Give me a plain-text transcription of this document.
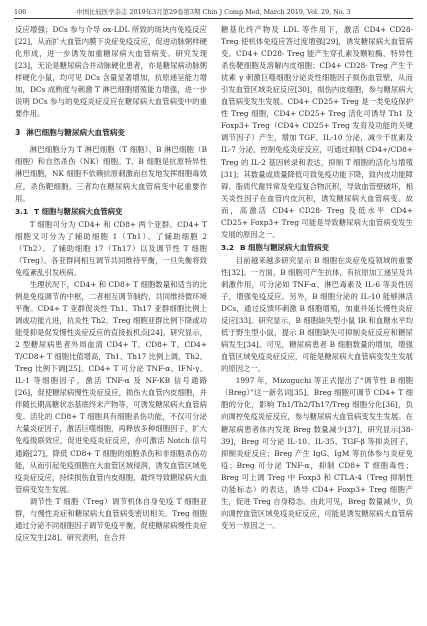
106	中国比较医学杂志 2019年3月第29卷第3期 Chin J Comp Med, March 2019, Vol. 29, No. 3

反应增强；DCs 参与介导 ox-LDL 所致的斑块内免疫反应[22]，从而扩大血管内膜下炎症免疫反应，促进动脉粥样硬化形成，进一步诱发加重糖尿病大血管病变。研究发现[23]，无论是糖尿病合并动脉硬化患者，亦是糖尿病动脉粥样硬化小鼠，均可见 DCs 含量显著增加，抗原递呈能力增加，DCs 成熟度与刺激 T 淋巴细胞增殖能力增强，进一步说明 DCs 参与的免疫炎症反应在糖尿病大血管病变中的重要作用。

3 淋巴细胞与糖尿病大血管病变

淋巴细胞分为 T 淋巴细胞（T 细胞）、B 淋巴细胞（B 细胞）和自然杀伤（NK）细胞。T、B 细胞是抗原特异性淋巴细胞，NK 细胞不依赖抗原刺激而自发地发挥细胞毒效应，杀伤靶细胞。三者均在糖尿病大血管病变中起重要作用。

3.1 T 细胞与糖尿病大血管病变

T 细胞可分为 CD4+ 和 CD8+ 两个亚群。CD4+ T 细胞又可分为了辅助细胞 1（Th1）、了辅助细胞 2（Th2）、了辅助细胞 17（Th17）以及调节性 T 细胞（Treg）。各亚群间相互调节共同维持平衡，一旦失衡将致免疫紊乱引发疾病。

生理状况下，CD4+ 和 CD8+ T 细胞数量和适当的比例是免疫调节的中枢，二者相互调节制约，共同维持微环境平衡。CD4+ T 亚群促炎性 Th1、Th17 亚群细胞比例上调或功能亢进，抗炎性 Th2、Treg 细胞亚群比例下降或功能受抑是促发慢性炎症反应的直接扳机点[24]。研究显示，2 型糖尿病患者外周血清 CD4+ T、CD8+ T、CD4+ T/CD8+ T 细胞比值增高，Th1、Th17 比例上调，Th2、Treg 比例下调[25]。CD4+ T 可分泌 TNF-α、IFN-γ、IL-1 等细胞因子，激活 TNF-α 及 NF-KB 信号通路[26]，促使糖尿病慢性炎症反应，损伤大血管内皮细胞，并伴随长期高糖状态基底终末产物等，可诱发糖尿病大血管病变。活化的 CD8+ T 细胞具有细胞杀伤功能，不仅可分泌大量炎症因子，激活巨噬细胞，再释放多种细胞因子，扩大免疫级联效应，促进免疫炎症反应，亦可激活 Notch 信号通路[27]，降低 CD8+ T 细胞的细胞杀伤和非细胞杀伤功能，从而引起免疫细胞在大血管区域侵润，诱发血管区域免疫炎症反应，持续损伤血管内皮细胞，最终导致糖尿病大血管病变发生发展。

调节性 T 细胞（Treg）调节机体自身免疫 T 细胞亚群，与慢性炎症和糖尿病大血管病变密切相关。Treg 细胞通过分泌不同细胞因子调节免疫平衡，促使糖尿病慢性炎症反应发生[28]。研究表明，在合并

糖基化终产物及 LDL 等作用下，激活 CD4+ CD28- Treg 使机体免疫应答过度增强[29]，诱发糖尿病大血管病变。CD4+ CD28- Treg 能产生穿孔素及颗粒酶，特异性杀伤靶细胞及溶解内皮细胞；CD4+ CD28- Treg 产生干扰素 γ 刺激巨噬细胞分泌炎性细胞因子损伤血管壁，从而引发血管区域炎症反应[30]，损伤内皮细胞，参与糖尿病大血管病变发生发展。CD4+ CD25+ Treg 是一类免疫保护性 Treg 细胞，CD4+ CD25+ Treg 活化可诱导 Th1 及 Foxp3+ Treg（CD4+ CD25+ Treg 发育及功能的关键调节因子）产生，增加 TGF、IL-10 分泌，减少干扰素及 IL-7 分泌，控制免疫炎症反应，可通过抑制 CD4+/CD8+ Treg 的 IL-2 基因转录和表达，抑制 T 细胞的活化与增殖[31]；其数量或质量降低可致免疫功能下降，致内皮功能障碍、脂质代谢异常及免疫复合物沉积，导致血管壁破坏，相关炎性因子在血管内皮沉积，诱发糖尿病大血管病变。故而，高激活 CD4+ CD28- Treg 及低水平 CD4+ CD25+ Foxp3+ Treg 可能是导致糖尿病大血管病变发生发展的原因之一。

3.2 B 细胞与糖尿病大血管病变

目前越来越多研究显示 B 细胞在炎症免疫领域的重要性[32]。一方面，B 细胞可产生抗体，有抗原加工递呈及共刺激作用，可分泌如 TNF-α、淋巴毒素及 IL-6 等炎性因子，增强免疫反应。另外，B 细胞分泌的 IL-10 能够淋活 DCs，通过反馈环刺激 B 细胞增殖，加重并延长慢性炎症反应[33]。研究显示，B 细胞缺失型小鼠 IR 和血糖水平均低于野生型小鼠，提示 B 细胞缺失可抑制炎症反应和糖尿病发生[34]。可见，糖尿病患者 B 细胞数量的增加，增强血管区域免疫炎症反应，可能是糖尿病大血管病变发生发展的原因之一。

1997 年，Mizoguchi 等正式提出了“调节性 B 细胞（Breg）”这一新名词[35]。Breg 细胞可调节 CD4+ T 细胞的分化，影响 Th1/Th2/Th17/Treg 细胞分化[36]，负向调控免疫炎症反应，参与糖尿病大血管病变发生发展。在糖尿病患者体内发现 Breg 数量减少[37]，研究显示[38-39]，Breg 可分泌 IL-10、IL-35、TGF-β 等抑炎因子，抑制炎症反应；Breg 产生 IgG、IgM 等抗体参与炎症免疫；Breg 可分泌 TNF-α，抑制 CD8+ T 细胞毒性；Breg 可上调 Treg 中 Foxp3 和 CTLA-4（Treg 抑制性功能标志）的表达，诱导 CD4+ Foxp3+ Treg 细胞产生，促进 Treg 自身稳态。由此可见，Breg 数量减少，负向调控血管区域免疫炎症反应，可能是诱发糖尿病大血管病变另一原因之一。
